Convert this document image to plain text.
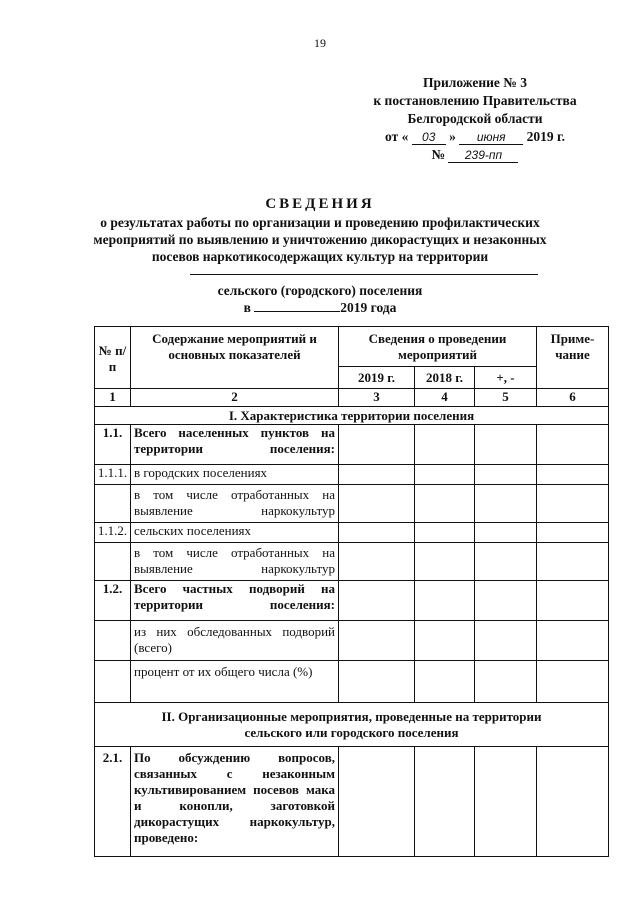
19
Приложение № 3
к постановлению Правительства
Белгородской области
от « 03 » июня 2019 г.
№ 239-пп
СВЕДЕНИЯ
о результатах работы по организации и проведению профилактических
мероприятий по выявлению и уничтожению дикорастущих и незаконных
посевов наркотикосодержащих культур на территории
сельского (городского) поселения
в	2019 года
№ п/п	Содержание мероприятий и основных показателей	Сведения о проведении мероприятий			Приме-чание
		2019 г.	2018 г.	+, -	
1	2	3	4	5	6
I. Характеристика территории поселения					
1.1.	Всего населенных пунктов на территории поселения:				
1.1.1.	в городских поселениях				
	в том числе отработанных на выявление наркокультур				
1.1.2.	сельских поселениях				
	в том числе отработанных на выявление наркокультур				
1.2.	Всего частных подворий на территории поселения:				
	из них обследованных подворий (всего)				
	процент от их общего числа (%)				
II. Организационные мероприятия, проведенные на территории сельского или городского поселения					
2.1.	По обсуждению вопросов, связанных с незаконным культивированием посевов мака и конопли, заготовкой дикорастущих наркокультур, проведено:				
